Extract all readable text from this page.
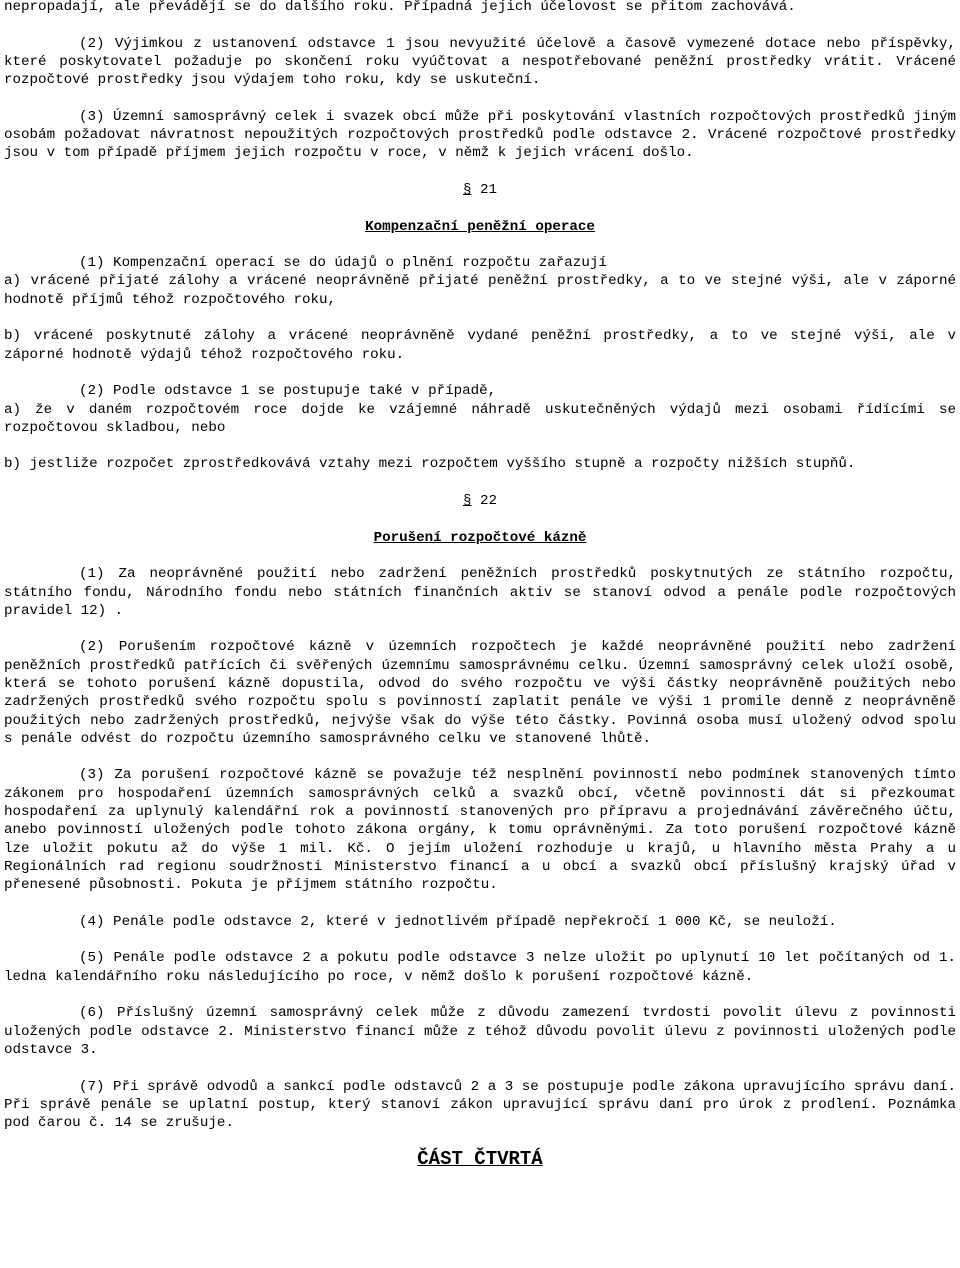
nepropadají, ale převádějí se do dalšího roku. Případná jejich účelovost se přitom zachovává.

(2) Výjimkou z ustanovení odstavce 1 jsou nevyužité účelově a časově vymezené dotace nebo příspěvky, které poskytovatel požaduje po skončení roku vyúčtovat a nespotřebované peněžní prostředky vrátit. Vrácené rozpočtové prostředky jsou výdajem toho roku, kdy se uskuteční.

(3) Územní samosprávný celek i svazek obcí může při poskytování vlastních rozpočtových prostředků jiným osobám požadovat návratnost nepoužitých rozpočtových prostředků podle odstavce 2. Vrácené rozpočtové prostředky jsou v tom případě příjmem jejich rozpočtu v roce, v němž k jejich vrácení došlo.

§ 21

Kompenzační peněžní operace

(1) Kompenzační operací se do údajů o plnění rozpočtu zařazují

a) vrácené přijaté zálohy a vrácené neoprávněně přijaté peněžní prostředky, a to ve stejné výši, ale v záporné hodnotě příjmů téhož rozpočtového roku,

b) vrácené poskytnuté zálohy a vrácené neoprávněně vydané peněžní prostředky, a to ve stejné výši, ale v záporné hodnotě výdajů téhož rozpočtového roku.

(2) Podle odstavce 1 se postupuje také v případě,

a) že v daném rozpočtovém roce dojde ke vzájemné náhradě uskutečněných výdajů mezi osobami řídícími se rozpočtovou skladbou, nebo

b) jestliže rozpočet zprostředkovává vztahy mezi rozpočtem vyššího stupně a rozpočty nižších stupňů.

§ 22

Porušení rozpočtové kázně

(1) Za neoprávněné použití nebo zadržení peněžních prostředků poskytnutých ze státního rozpočtu, státního fondu, Národního fondu nebo státních finančních aktiv se stanoví odvod a penále podle rozpočtových pravidel 12) .

(2) Porušením rozpočtové kázně v územních rozpočtech je každé neoprávněné použití nebo zadržení peněžních prostředků patřících či svěřených územnímu samosprávnému celku. Územní samosprávný celek uloží osobě, která se tohoto porušení kázně dopustila, odvod do svého rozpočtu ve výši částky neoprávněně použitých nebo zadržených prostředků svého rozpočtu spolu s povinností zaplatit penále ve výši 1 promile denně z neoprávněně použitých nebo zadržených prostředků, nejvýše však do výše této částky. Povinná osoba musí uložený odvod spolu s penále odvést do rozpočtu územního samosprávného celku ve stanovené lhůtě.

(3) Za porušení rozpočtové kázně se považuje též nesplnění povinností nebo podmínek stanovených tímto zákonem pro hospodaření územních samosprávných celků a svazků obcí, včetně povinnosti dát si přezkoumat hospodaření za uplynulý kalendářní rok a povinností stanovených pro přípravu a projednávání závěrečného účtu, anebo povinností uložených podle tohoto zákona orgány, k tomu oprávněnými. Za toto porušení rozpočtové kázně lze uložit pokutu až do výše 1 mil. Kč. O jejím uložení rozhoduje u krajů, u hlavního města Prahy a u Regionálních rad regionu soudržnosti Ministerstvo financí a u obcí a svazků obcí příslušný krajský úřad v přenesené působnosti. Pokuta je příjmem státního rozpočtu.

(4) Penále podle odstavce 2, které v jednotlivém případě nepřekročí 1 000 Kč, se neuloží.

(5) Penále podle odstavce 2 a pokutu podle odstavce 3 nelze uložit po uplynutí 10 let počítaných od 1. ledna kalendářního roku následujícího po roce, v němž došlo k porušení rozpočtové kázně.

(6) Příslušný územní samosprávný celek může z důvodu zamezení tvrdosti povolit úlevu z povinnosti uložených podle odstavce 2. Ministerstvo financí může z téhož důvodu povolit úlevu z povinnosti uložených podle odstavce 3.

(7) Při správě odvodů a sankcí podle odstavců 2 a 3 se postupuje podle zákona upravujícího správu daní. Při správě penále se uplatní postup, který stanoví zákon upravující správu daní pro úrok z prodlení. Poznámka pod čarou č. 14 se zrušuje.

ČÁST ČTVRTÁ
